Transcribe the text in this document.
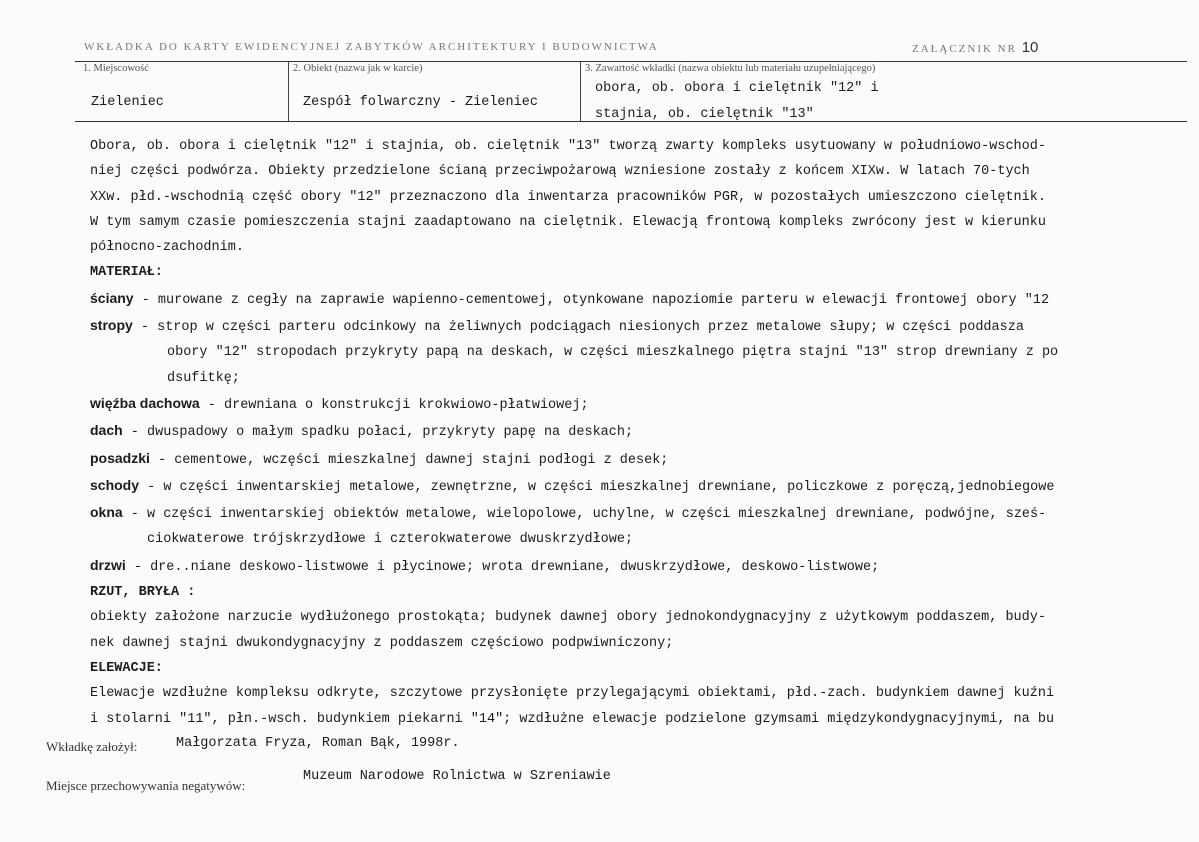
WKŁADKA DO KARTY EWIDENCYJNEJ ZABYTKÓW ARCHITEKTURY I BUDOWNICTWA	ZAŁĄCZNIK NR 10
1. Miejscowość
Zieleniec
2. Obiekt (nazwa jak w karcie)
Zespół folwarczny - Zieleniec
3. Zawartość wkładki (nazwa obiektu lub materiału uzupełniającego)
obora, ob. obora i cielętnik "12" i
stajnia, ob. cielętnik "13"

Obora, ob. obora i cielętnik "12" i stajnia, ob. cielętnik "13" tworzą zwarty kompleks usytuowany w południowo-wschod-

niej części podwórza. Obiekty przedzielone ścianą przeciwpożarową wzniesione zostały z końcem XIXw. W latach 70-tych

XXw. płd.-wschodnią część obory "12" przeznaczono dla inwentarza pracowników PGR, w pozostałych umieszczono cielętnik.

W tym samym czasie pomieszczenia stajni zaadaptowano na cielętnik. Elewacją frontową kompleks zwrócony jest w kierunku

północno-zachodnim.

MATERIAŁ:

ściany - murowane z cegły na zaprawie wapienno-cementowej, otynkowane napoziomie parteru w elewacji frontowej obory "12

stropy - strop w części parteru odcinkowy na żeliwnych podciągach niesionych przez metalowe słupy; w części poddasza

obory "12" stropodach przykryty papą na deskach, w części mieszkalnego piętra stajni "13" strop drewniany z po

dsufitkę;

więźba dachowa - drewniana o konstrukcji krokwiowo-płatwiowej;

dach - dwuspadowy o małym spadku połaci, przykryty papę na deskach;

posadzki - cementowe, wczęści mieszkalnej dawnej stajni podłogi z desek;

schody - w części inwentarskiej metalowe, zewnętrzne, w części mieszkalnej drewniane, policzkowe z poręczą,jednobiegowe

okna - w części inwentarskiej obiektów metalowe, wielopolowe, uchylne, w części mieszkalnej drewniane, podwójne, sześ-

ciokwaterowe trójskrzydłowe i czterokwaterowe dwuskrzydłowe;

drzwi - dre..niane deskowo-listwowe i płycinowe; wrota drewniane, dwuskrzydłowe, deskowo-listwowe;

RZUT, BRYŁA :

obiekty założone narzucie wydłużonego prostokąta; budynek dawnej obory jednokondygnacyjny z użytkowym poddaszem, budy-

nek dawnej stajni dwukondygnacyjny z poddaszem częściowo podpwiwniczony;

ELEWACJE:

Elewacje wzdłużne kompleksu odkryte, szczytowe przysłonięte przylegającymi obiektami, płd.-zach. budynkiem dawnej kuźni

i stolarni "11", płn.-wsch. budynkiem piekarni "14"; wzdłużne elewacje podzielone gzymsami międzykondygnacyjnymi, na bu

Wkładkę założył:	Małgorzata Fryza, Roman Bąk, 1998r.
Miejsce przechowywania negatywów:
Muzeum Narodowe Rolnictwa w Szreniawie
